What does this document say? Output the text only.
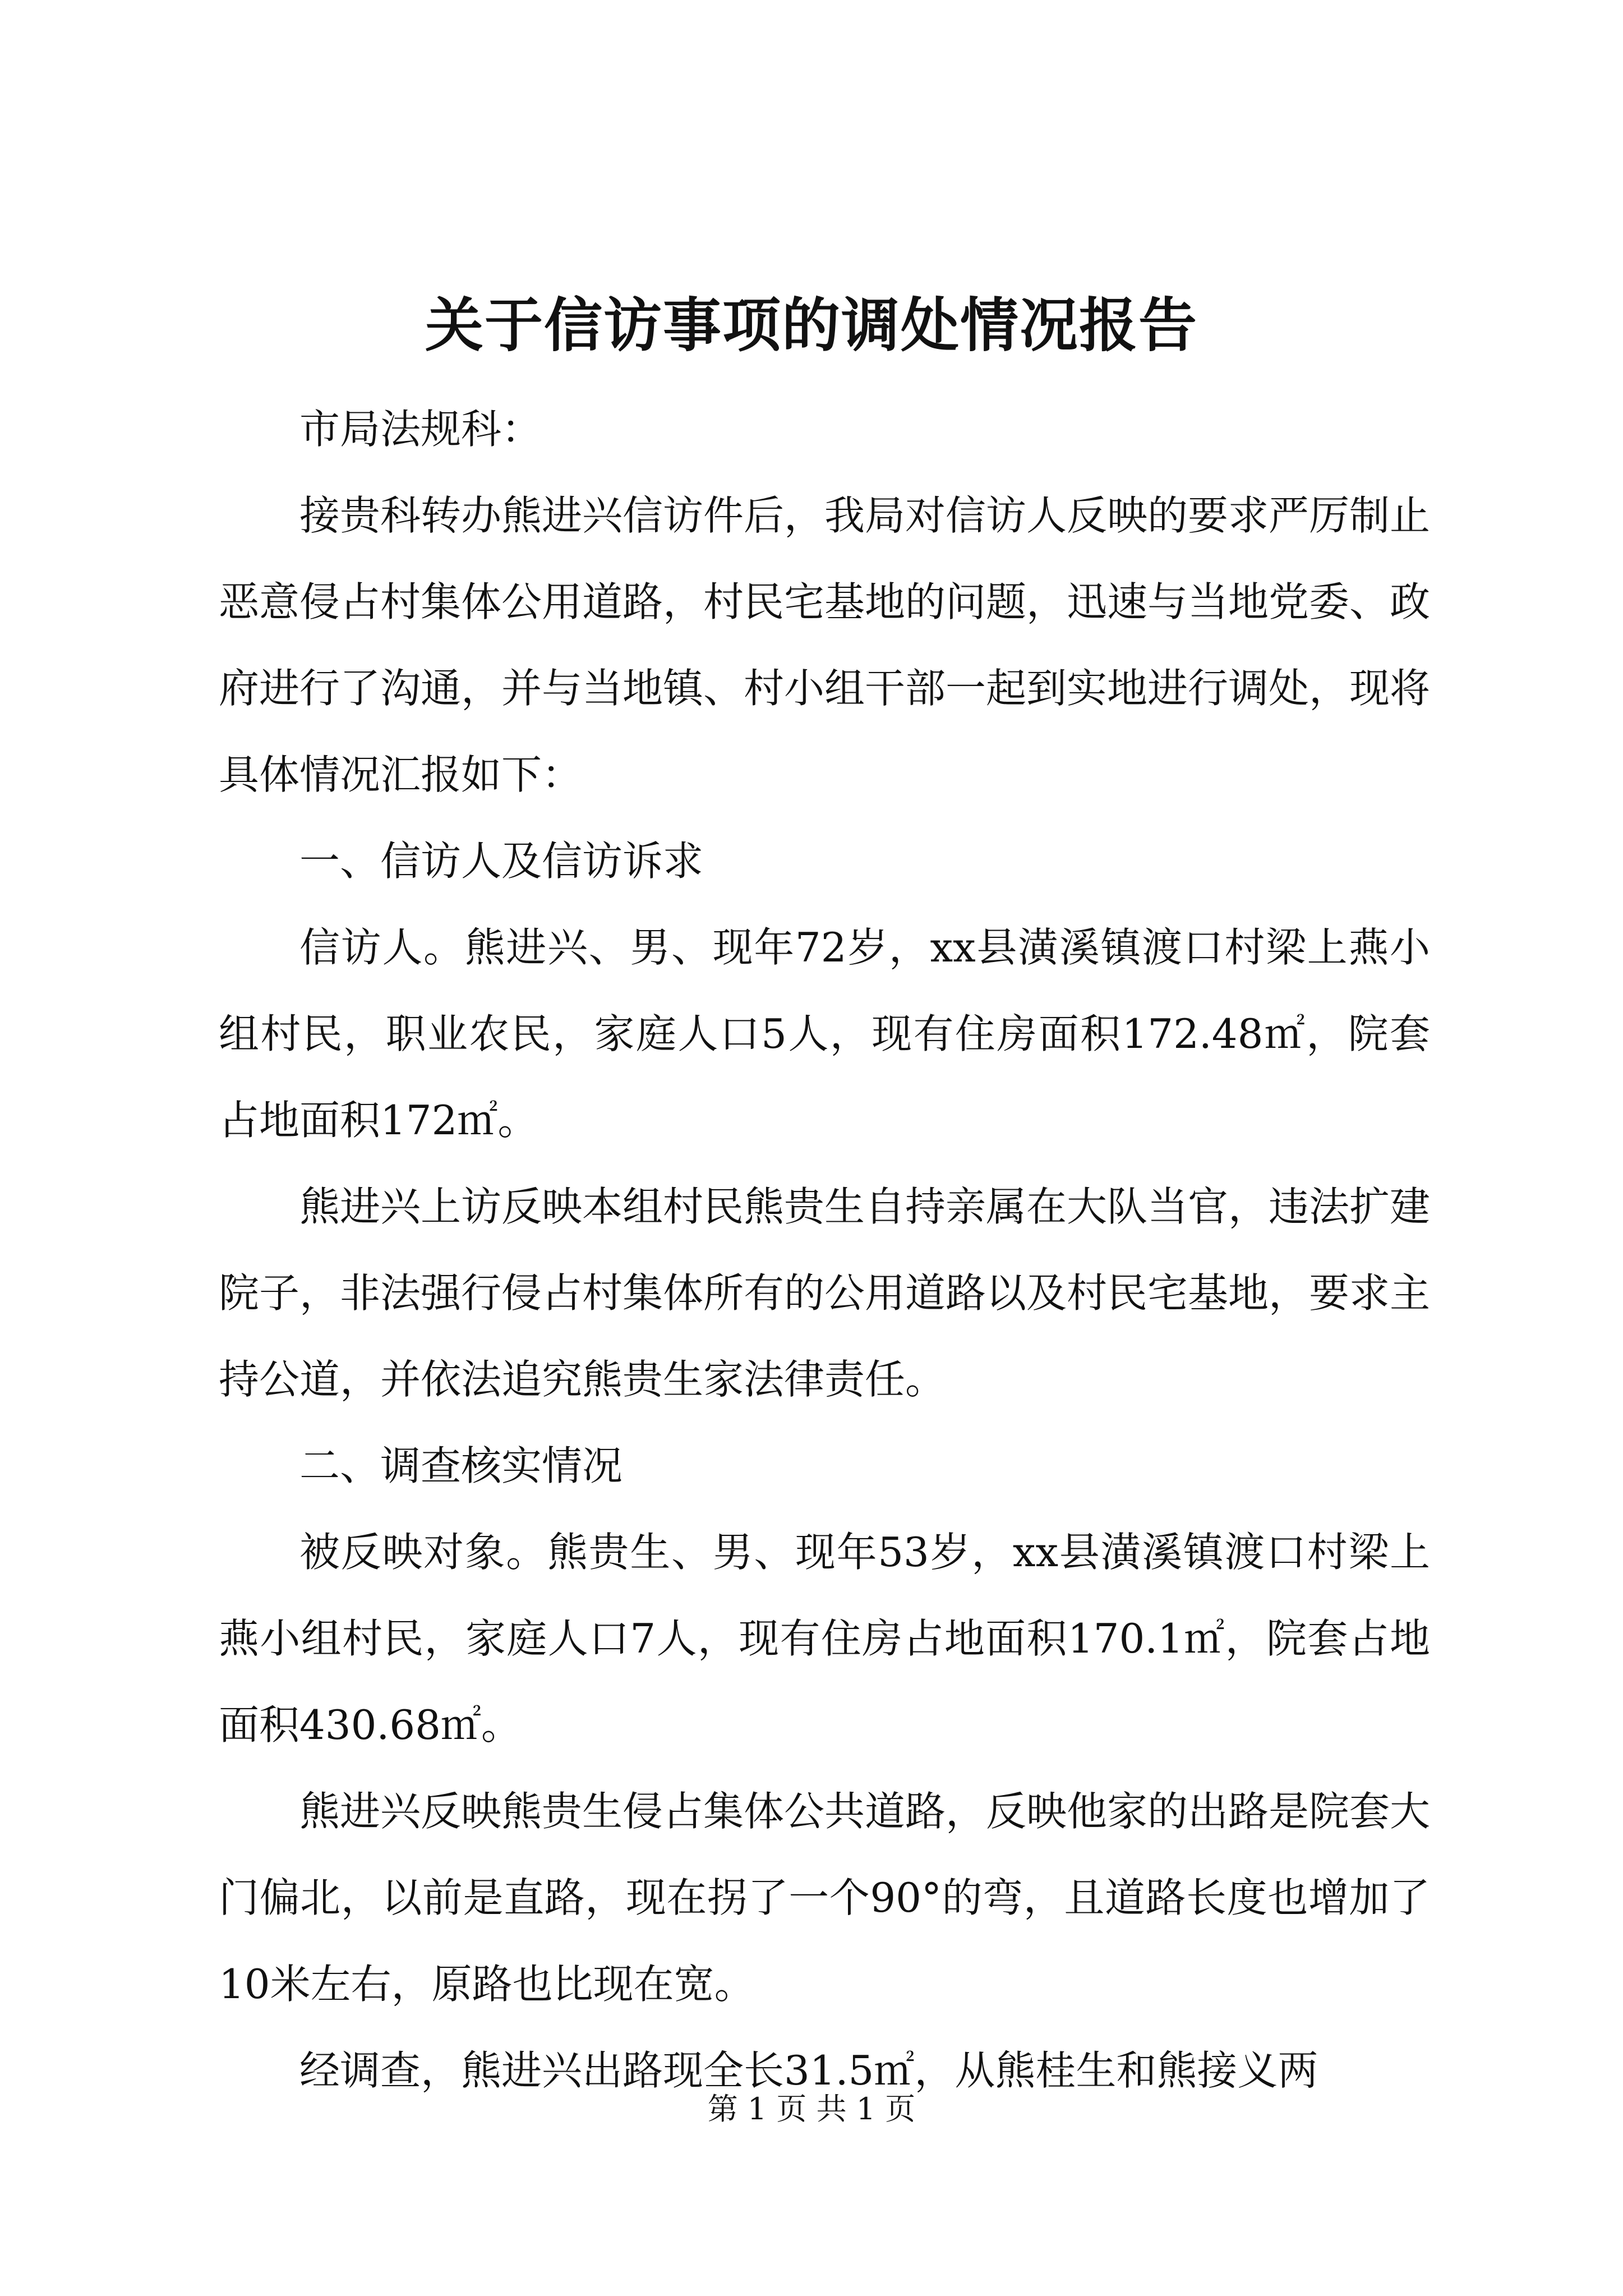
关于信访事项的调处情况报告

市局法规科：

接贵科转办熊进兴信访件后，我局对信访人反映的要求严厉制止恶意侵占村集体公用道路，村民宅基地的问题，迅速与当地党委、政府进行了沟通，并与当地镇、村小组干部一起到实地进行调处，现将具体情况汇报如下：

一、信访人及信访诉求

信访人。熊进兴、男、现年72岁，xx县潢溪镇渡口村梁上燕小组村民，职业农民，家庭人口5人，现有住房面积172.48㎡，院套占地面积172㎡。

熊进兴上访反映本组村民熊贵生自持亲属在大队当官，违法扩建院子，非法强行侵占村集体所有的公用道路以及村民宅基地，要求主持公道，并依法追究熊贵生家法律责任。

二、调查核实情况

被反映对象。熊贵生、男、现年53岁，xx县潢溪镇渡口村梁上燕小组村民，家庭人口7人，现有住房占地面积170.1㎡，院套占地面积430.68㎡。

熊进兴反映熊贵生侵占集体公共道路，反映他家的出路是院套大门偏北，以前是直路，现在拐了一个90°的弯，且道路长度也增加了10米左右，原路也比现在宽。

经调查，熊进兴出路现全长31.5㎡，从熊桂生和熊接义两

第 1 页 共 1 页
